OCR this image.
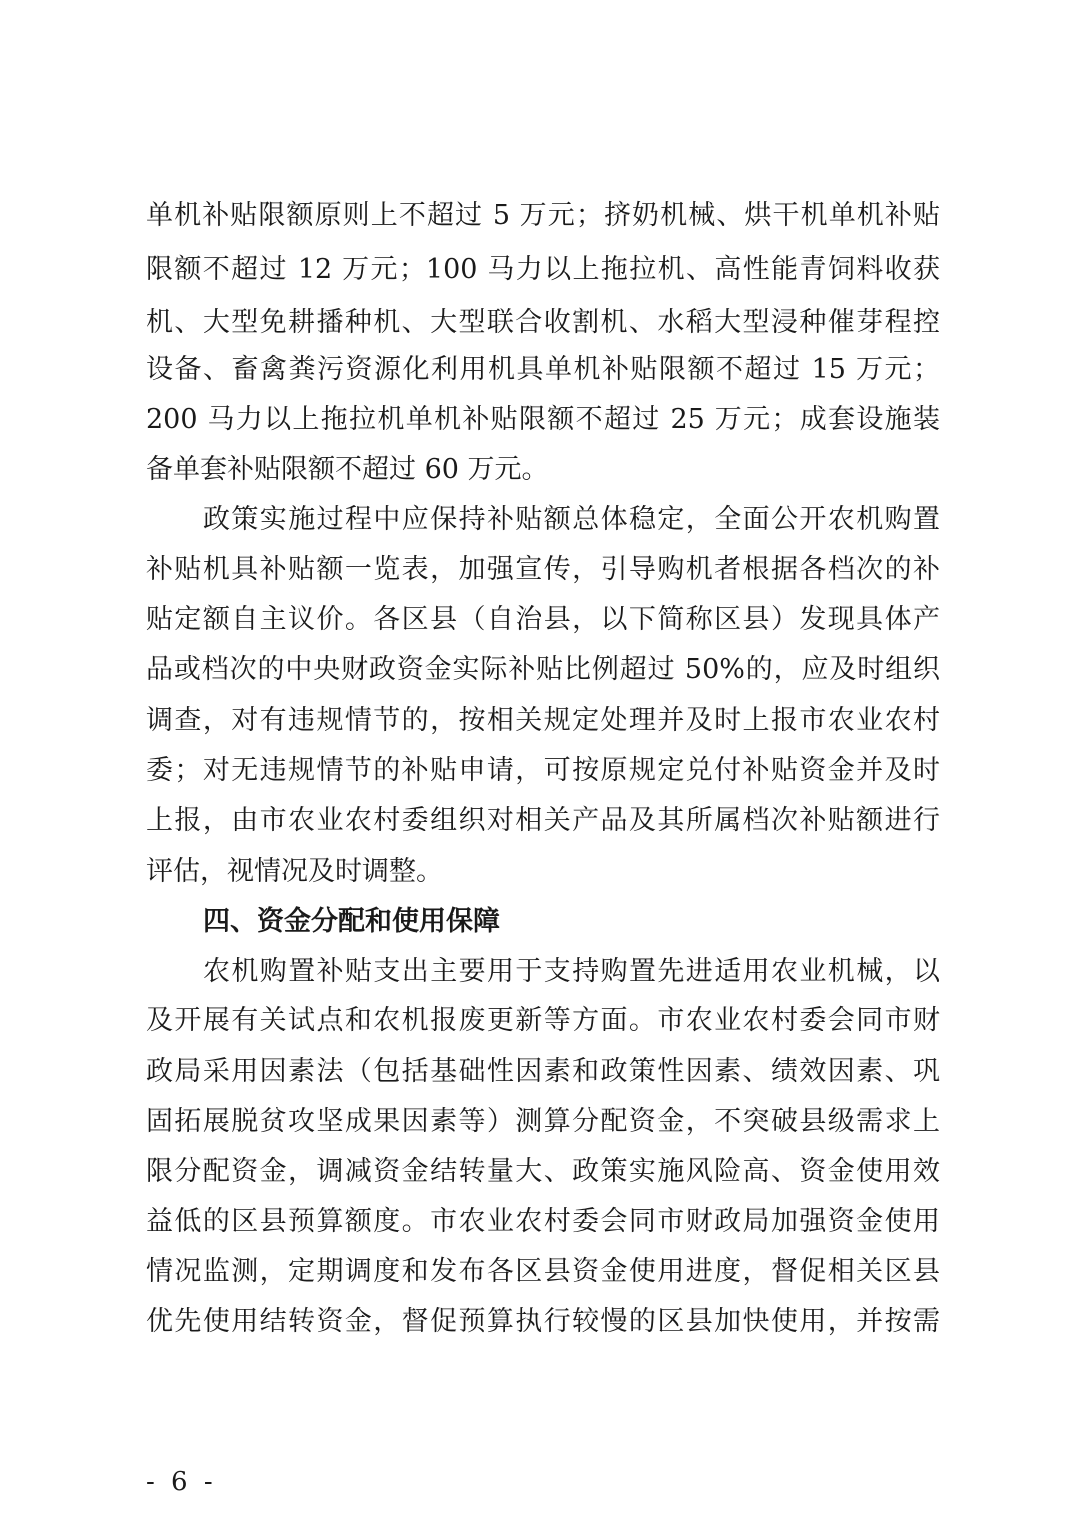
单机补贴限额原则上不超过 5 万元；挤奶机械、烘干机单机补贴
限额不超过 12 万元；100 马力以上拖拉机、高性能青饲料收获
机、大型免耕播种机、大型联合收割机、水稻大型浸种催芽程控
设备、畜禽粪污资源化利用机具单机补贴限额不超过 15 万元；
200 马力以上拖拉机单机补贴限额不超过 25 万元；成套设施装
备单套补贴限额不超过 60 万元。
政策实施过程中应保持补贴额总体稳定，全面公开农机购置
补贴机具补贴额一览表，加强宣传，引导购机者根据各档次的补
贴定额自主议价。各区县（自治县，以下简称区县）发现具体产
品或档次的中央财政资金实际补贴比例超过 50%的，应及时组织
调查，对有违规情节的，按相关规定处理并及时上报市农业农村
委；对无违规情节的补贴申请，可按原规定兑付补贴资金并及时
上报，由市农业农村委组织对相关产品及其所属档次补贴额进行
评估，视情况及时调整。
四、资金分配和使用保障
农机购置补贴支出主要用于支持购置先进适用农业机械，以
及开展有关试点和农机报废更新等方面。市农业农村委会同市财
政局采用因素法（包括基础性因素和政策性因素、绩效因素、巩
固拓展脱贫攻坚成果因素等）测算分配资金，不突破县级需求上
限分配资金，调减资金结转量大、政策实施风险高、资金使用效
益低的区县预算额度。市农业农村委会同市财政局加强资金使用
情况监测，定期调度和发布各区县资金使用进度，督促相关区县
优先使用结转资金，督促预算执行较慢的区县加快使用，并按需
- 6 -
